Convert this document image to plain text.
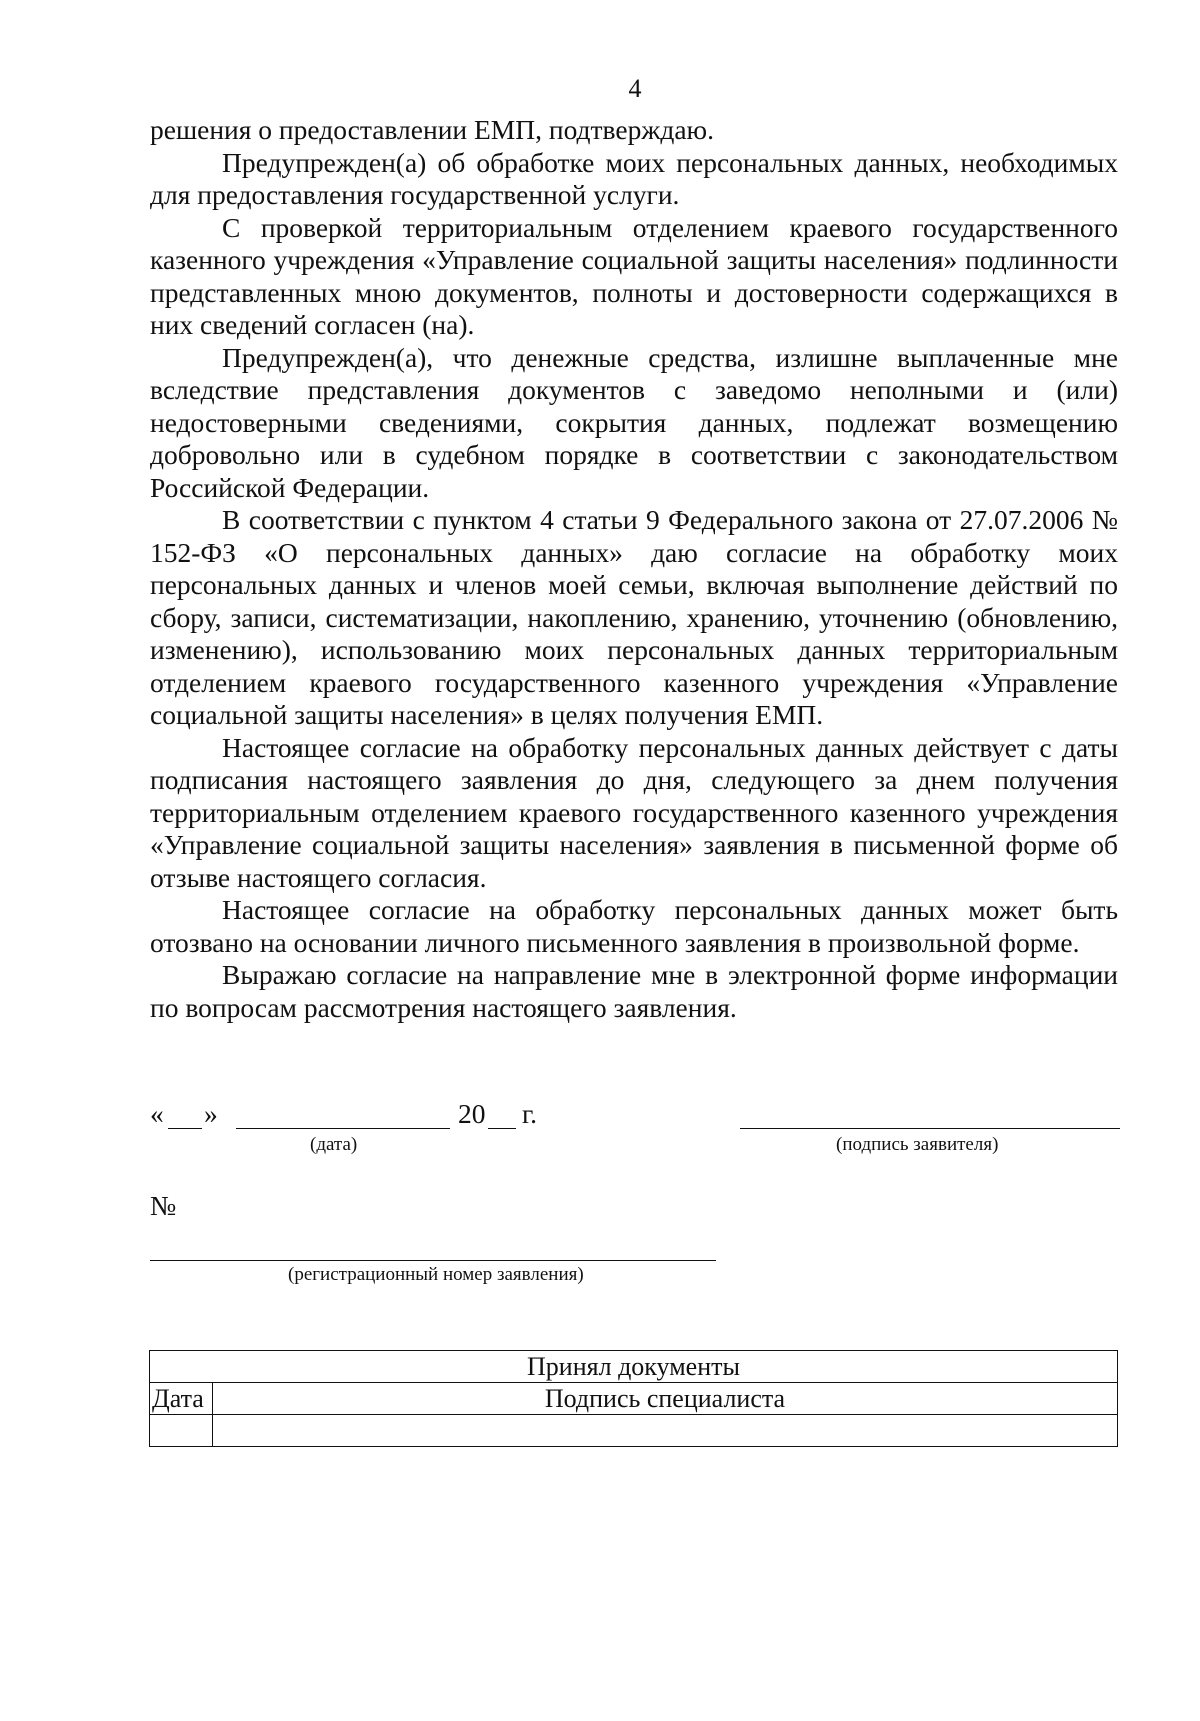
4

решения о предоставлении ЕМП, подтверждаю.

Предупрежден(а) об обработке моих персональных данных, необходимых для предоставления государственной услуги.

С проверкой территориальным отделением краевого государственного казенного учреждения «Управление социальной защиты населения» подлинности представленных мною документов, полноты и достоверности содержащихся в них сведений согласен (на).

Предупрежден(а), что денежные средства, излишне выплаченные мне вследствие представления документов с заведомо неполными и (или) недостоверными сведениями, сокрытия данных, подлежат возмещению добровольно или в судебном порядке в соответствии с законодательством Российской Федерации.

В соответствии с пунктом 4 статьи 9 Федерального закона от 27.07.2006 № 152-ФЗ «О персональных данных» даю согласие на обработку моих персональных данных и членов моей семьи, включая выполнение действий по сбору, записи, систематизации, накоплению, хранению, уточнению (обновлению, изменению), использованию моих персональных данных территориальным отделением краевого государственного казенного учреждения «Управление социальной защиты населения» в целях получения ЕМП.

Настоящее согласие на обработку персональных данных действует с даты подписания настоящего заявления до дня, следующего за днем получения территориальным отделением краевого государственного казенного учреждения «Управление социальной защиты населения» заявления в письменной форме об отзыве настоящего согласия.

Настоящее согласие на обработку персональных данных может быть отозвано на основании личного письменного заявления в произвольной форме.

Выражаю согласие на направление мне в электронной форме информации по вопросам рассмотрения настоящего заявления.

« »	20 г.
(дата)	(подпись заявителя)
№
(регистрационный номер заявления)
Принял документы	
Дата	Подпись специалиста
